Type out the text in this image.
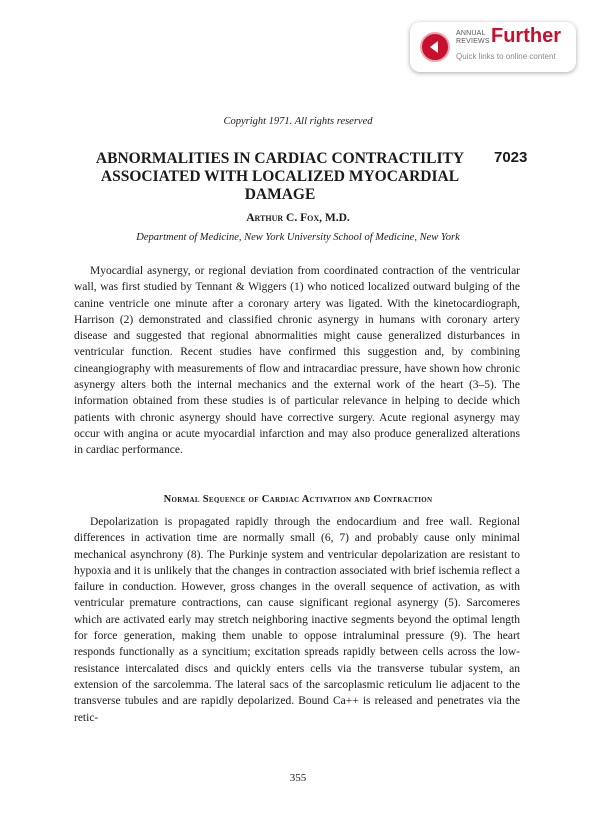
ANNUAL
REVIEWS Further
Quick links to online content
Copyright 1971. All rights reserved
ABNORMALITIES IN CARDIAC CONTRACTILITY ASSOCIATED WITH LOCALIZED MYOCARDIAL DAMAGE
7023
Arthur C. Fox, M.D.
Department of Medicine, New York University School of Medicine, New York

Myocardial asynergy, or regional deviation from coordinated contraction of the ventricular wall, was first studied by Tennant & Wiggers (1) who noticed localized outward bulging of the canine ventricle one minute after a coronary artery was ligated. With the kinetocardiograph, Harrison (2) demonstrated and classified chronic asynergy in humans with coronary artery disease and suggested that regional abnormalities might cause generalized disturbances in ventricular function. Recent studies have confirmed this suggestion and, by combining cineangiography with measurements of flow and intracardiac pressure, have shown how chronic asynergy alters both the internal mechanics and the external work of the heart (3–5). The information obtained from these studies is of particular relevance in helping to decide which patients with chronic asynergy should have corrective surgery. Acute regional asynergy may occur with angina or acute myocardial infarction and may also produce generalized alterations in cardiac performance.

Normal Sequence of Cardiac Activation and Contraction

Depolarization is propagated rapidly through the endocardium and free wall. Regional differences in activation time are normally small (6, 7) and probably cause only minimal mechanical asynchrony (8). The Purkinje system and ventricular depolarization are resistant to hypoxia and it is unlikely that the changes in contraction associated with brief ischemia reflect a failure in conduction. However, gross changes in the overall sequence of activation, as with ventricular premature contractions, can cause significant regional asynergy (5). Sarcomeres which are activated early may stretch neighboring inactive segments beyond the optimal length for force generation, making them unable to oppose intraluminal pressure (9). The heart responds functionally as a syncitium; excitation spreads rapidly between cells across the low-resistance intercalated discs and quickly enters cells via the transverse tubular system, an extension of the sarcolemma. The lateral sacs of the sarcoplasmic reticulum lie adjacent to the transverse tubules and are rapidly depolarized. Bound Ca++ is released and penetrates via the retic-

355
